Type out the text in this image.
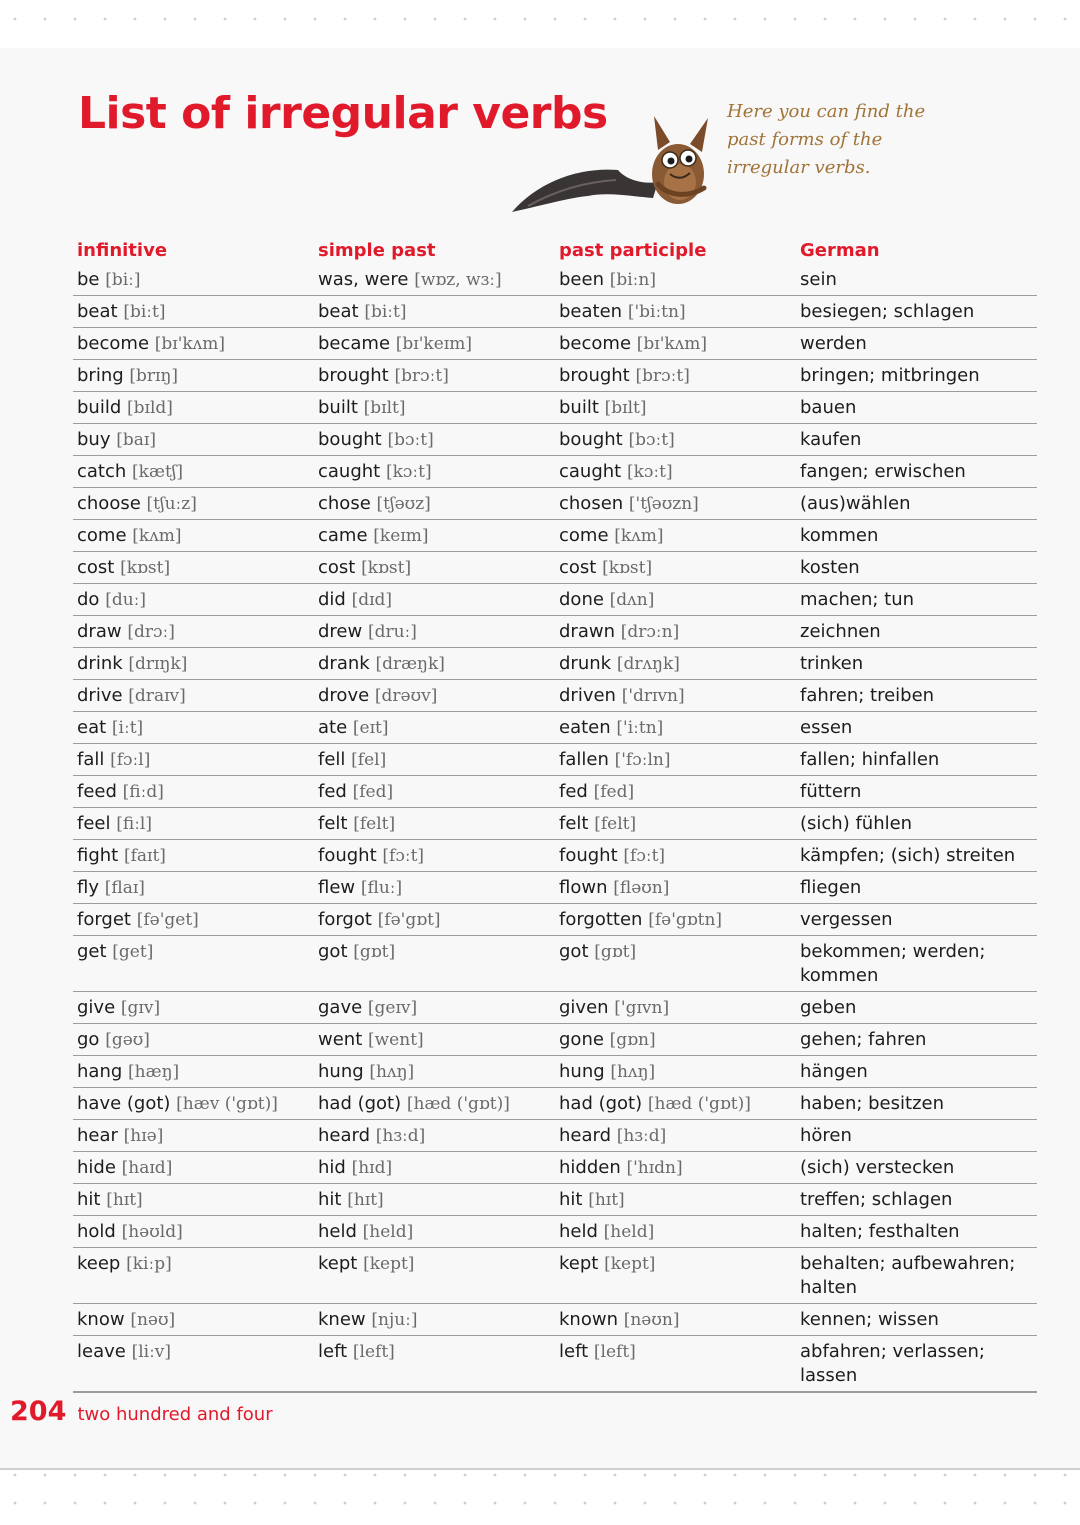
List of irregular verbs	Here you can find the past forms of the irregular verbs.
infinitive	simple past	past participle	German
be [biː]	was, were [wɒz, wɜː]	been [biːn]	sein
beat [biːt]	beat [biːt]	beaten ['biːtn]	besiegen; schlagen
become [bɪ'kʌm]	became [bɪ'keɪm]	become [bɪ'kʌm]	werden
bring [brɪŋ]	brought [brɔːt]	brought [brɔːt]	bringen; mitbringen
build [bɪld]	built [bɪlt]	built [bɪlt]	bauen
buy [baɪ]	bought [bɔːt]	bought [bɔːt]	kaufen
catch [kætʃ]	caught [kɔːt]	caught [kɔːt]	fangen; erwischen
choose [tʃuːz]	chose [tʃəʊz]	chosen ['tʃəʊzn]	(aus)wählen
come [kʌm]	came [keɪm]	come [kʌm]	kommen
cost [kɒst]	cost [kɒst]	cost [kɒst]	kosten
do [duː]	did [dɪd]	done [dʌn]	machen; tun
draw [drɔː]	drew [druː]	drawn [drɔːn]	zeichnen
drink [drɪŋk]	drank [dræŋk]	drunk [drʌŋk]	trinken
drive [draɪv]	drove [drəʊv]	driven ['drɪvn]	fahren; treiben
eat [iːt]	ate [eɪt]	eaten ['iːtn]	essen
fall [fɔːl]	fell [fel]	fallen ['fɔːln]	fallen; hinfallen
feed [fiːd]	fed [fed]	fed [fed]	füttern
feel [fiːl]	felt [felt]	felt [felt]	(sich) fühlen
fight [faɪt]	fought [fɔːt]	fought [fɔːt]	kämpfen; (sich) streiten
fly [flaɪ]	flew [fluː]	flown [fləʊn]	fliegen
forget [fə'get]	forgot [fə'gɒt]	forgotten [fə'gɒtn]	vergessen
get [get]	got [gɒt]	got [gɒt]	bekommen; werden; kommen
give [gɪv]	gave [geɪv]	given ['gɪvn]	geben
go [gəʊ]	went [went]	gone [gɒn]	gehen; fahren
hang [hæŋ]	hung [hʌŋ]	hung [hʌŋ]	hängen
have (got) [hæv ('gɒt)]	had (got) [hæd ('gɒt)]	had (got) [hæd ('gɒt)]	haben; besitzen
hear [hɪə]	heard [hɜːd]	heard [hɜːd]	hören
hide [haɪd]	hid [hɪd]	hidden ['hɪdn]	(sich) verstecken
hit [hɪt]	hit [hɪt]	hit [hɪt]	treffen; schlagen
hold [həʊld]	held [held]	held [held]	halten; festhalten
keep [kiːp]	kept [kept]	kept [kept]	behalten; aufbewahren; halten
know [nəʊ]	knew [njuː]	known [nəʊn]	kennen; wissen
leave [liːv]	left [left]	left [left]	abfahren; verlassen; lassen
204 two hundred and four
